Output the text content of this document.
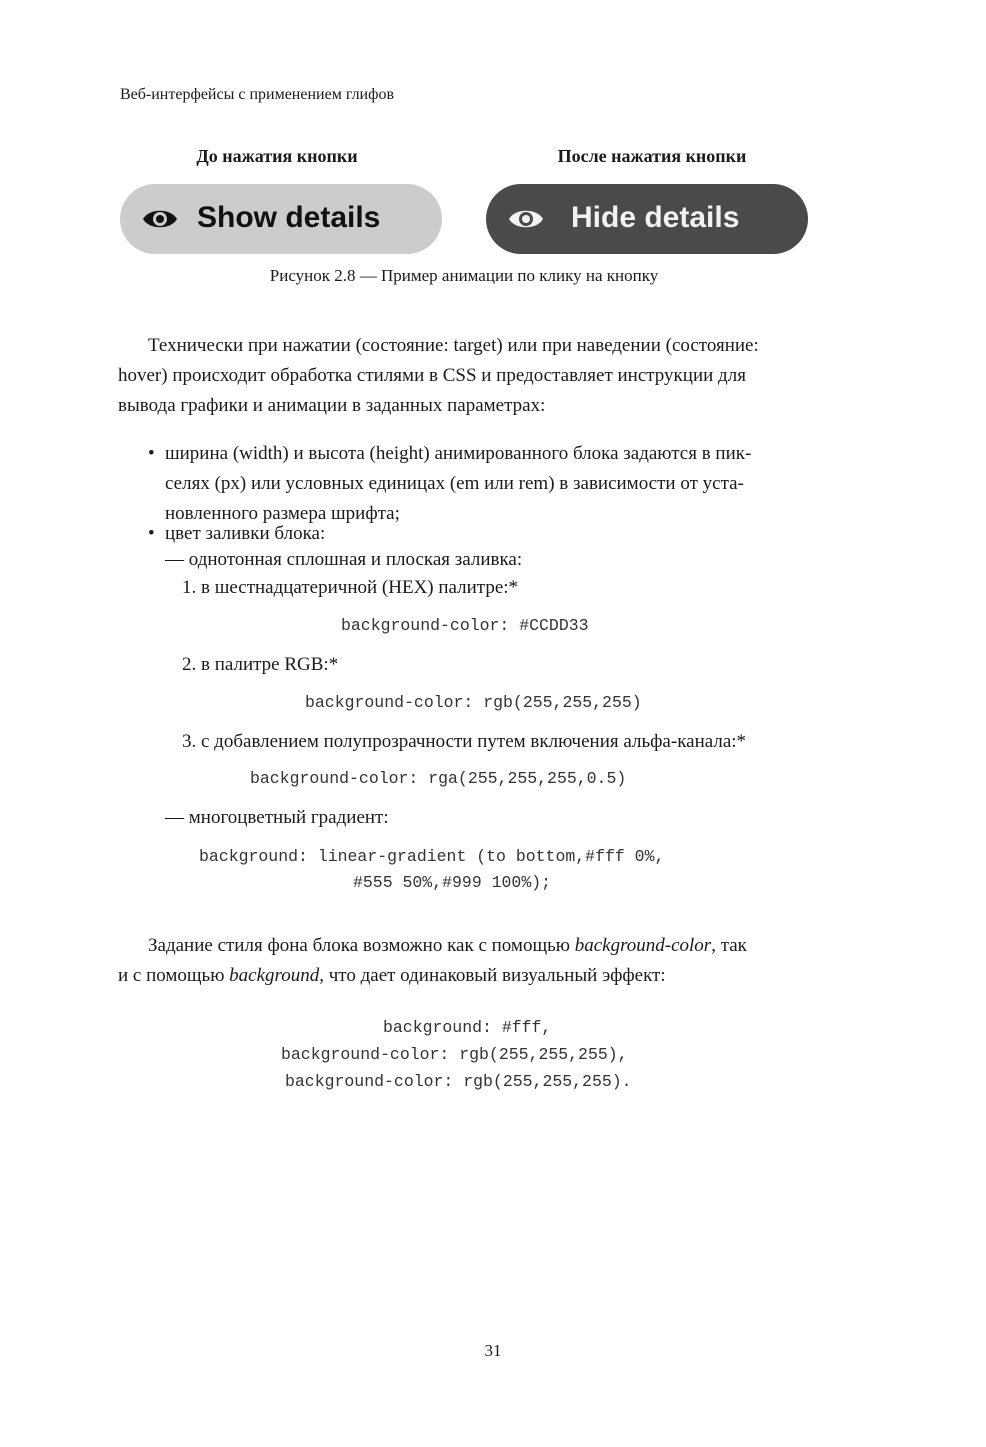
Веб-интерфейсы с применением глифов
До нажатия кнопки	После нажатия кнопки
Show details	Hide details
Рисунок 2.8 — Пример анимации по клику на кнопку
Технически при нажатии (состояние: target) или при наведении (состояние:
hover) происходит обработка стилями в CSS и предоставляет инструкции для
вывода графики и анимации в заданных параметрах:
• ширина (width) и высота (height) анимированного блока задаются в пик-
селях (px) или условных единицах (em или rem) в зависимости от уста-
новленного размера шрифта;
• цвет заливки блока:
— однотонная сплошная и плоская заливка:
1. в шестнадцатеричной (HEX) палитре:*
background-color: #CCDD33
2. в палитре RGB:*
background-color: rgb(255,255,255)
3. с добавлением полупрозрачности путем включения альфа-канала:*
background-color: rga(255,255,255,0.5)
— многоцветный градиент:
background: linear-gradient (to bottom,#fff 0%,
#555 50%,#999 100%);
Задание стиля фона блока возможно как с помощью background-color, так
и с помощью background, что дает одинаковый визуальный эффект:
background: #fff,
background-color: rgb(255,255,255),
background-color: rgb(255,255,255).
31
